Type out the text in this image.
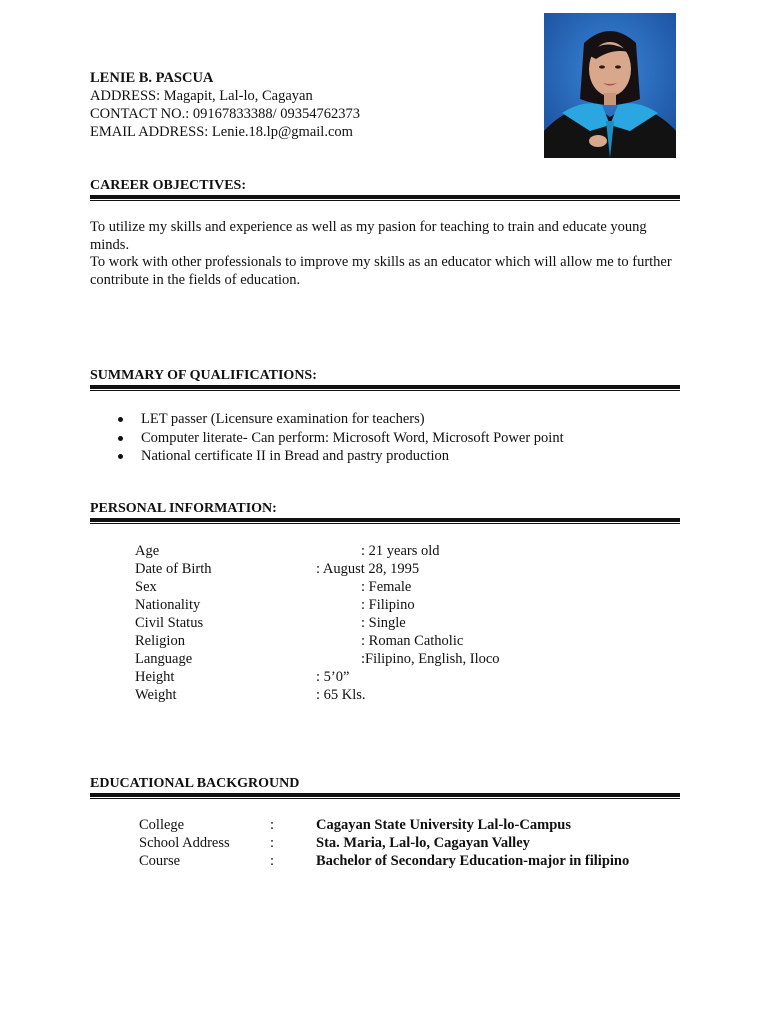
LENIE B. PASCUA
ADDRESS: Magapit, Lal-lo, Cagayan
CONTACT NO.: 09167833388/ 09354762373
EMAIL ADDRESS: Lenie.18.lp@gmail.com
CAREER OBJECTIVES:
To utilize my skills and experience as well as my pasion for teaching to train and educate young minds.
To work with other professionals to improve my skills as an educator which will allow me to further contribute in the fields of education.
SUMMARY OF QUALIFICATIONS:
LET passer (Licensure examination for teachers)
Computer literate- Can perform: Microsoft Word, Microsoft Power point
National certificate II in Bread and pastry production
PERSONAL INFORMATION:
Age	: 21 years old
Date of Birth	: August 28, 1995
Sex	: Female
Nationality	: Filipino
Civil Status	: Single
Religion	: Roman Catholic
Language	:Filipino, English, Iloco
Height	: 5’0”
Weight	: 65 Kls.
EDUCATIONAL BACKGROUND
College	:	Cagayan State University Lal-lo-Campus
School Address	:	Sta. Maria, Lal-lo, Cagayan Valley
Course	:	Bachelor of Secondary Education-major in filipino
